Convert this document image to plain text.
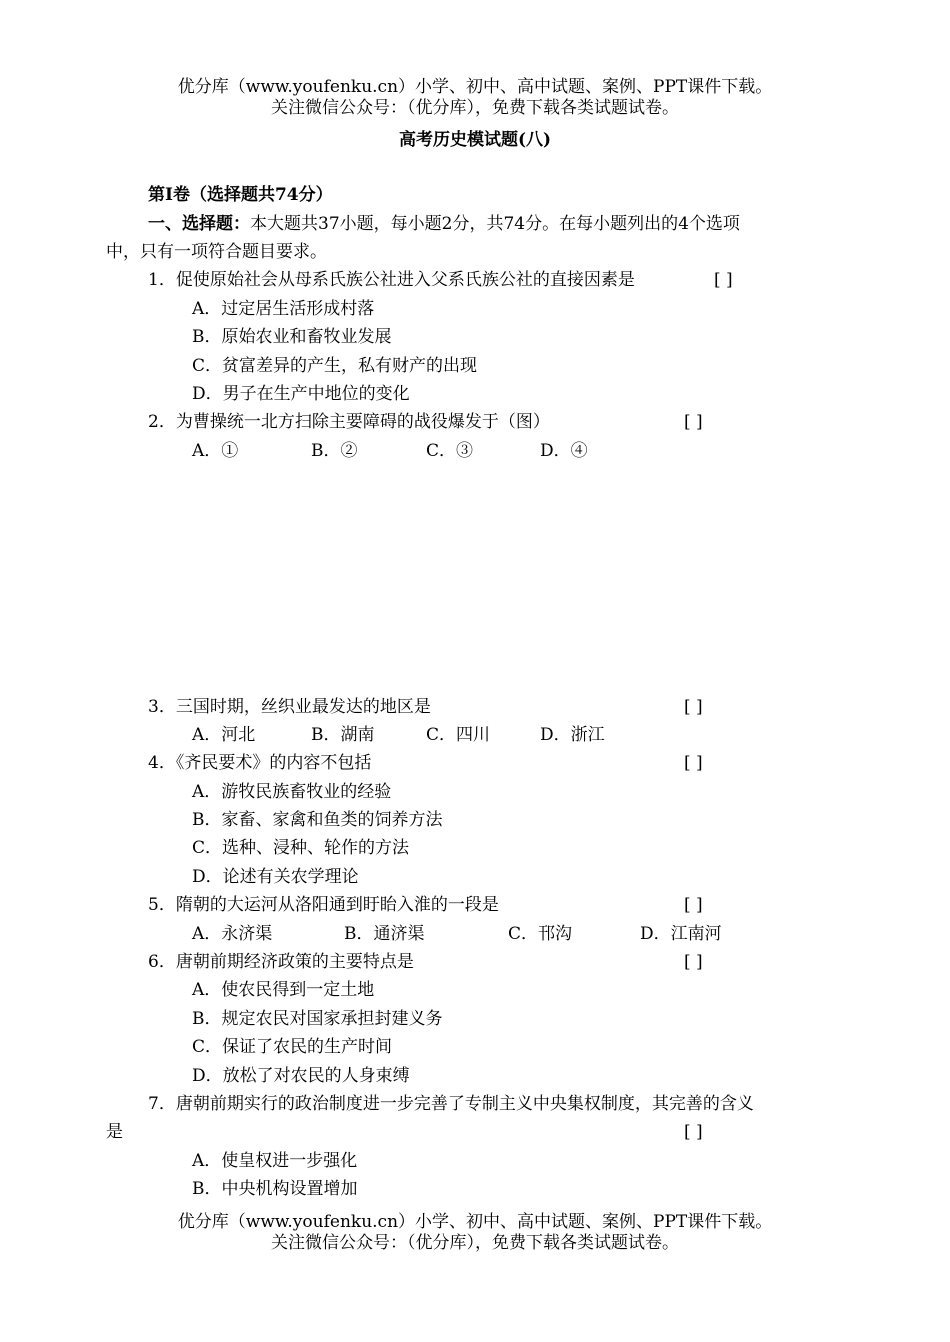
优分库（www.youfenku.cn）小学、初中、高中试题、案例、PPT课件下载。
关注微信公众号：（优分库），免费下载各类试题试卷。
高考历史模试题(八)
第Ⅰ卷（选择题共74分）
一、选择题：本大题共37小题，每小题2分，共74分。在每小题列出的4个选项
中，只有一项符合题目要求。
1．促使原始社会从母系氏族公社进入父系氏族公社的直接因素是	[ ]
A．过定居生活形成村落
B．原始农业和畜牧业发展
C．贫富差异的产生，私有财产的出现
D．男子在生产中地位的变化
2．为曹操统一北方扫除主要障碍的战役爆发于（图）	[ ]
A．①	B．②	C．③	D．④
3．三国时期，丝织业最发达的地区是	[ ]
A．河北	B．湖南	C．四川	D．浙江
4．《齐民要术》的内容不包括	[ ]
A．游牧民族畜牧业的经验
B．家畜、家禽和鱼类的饲养方法
C．选种、浸种、轮作的方法
D．论述有关农学理论
5．隋朝的大运河从洛阳通到盱眙入淮的一段是	[ ]
A．永济渠	B．通济渠	C．邗沟	D．江南河
6．唐朝前期经济政策的主要特点是	[ ]
A．使农民得到一定土地
B．规定农民对国家承担封建义务
C．保证了农民的生产时间
D．放松了对农民的人身束缚
7．唐朝前期实行的政治制度进一步完善了专制主义中央集权制度，其完善的含义
是	[ ]
A．使皇权进一步强化
B．中央机构设置增加
优分库（www.youfenku.cn）小学、初中、高中试题、案例、PPT课件下载。
关注微信公众号：（优分库），免费下载各类试题试卷。
